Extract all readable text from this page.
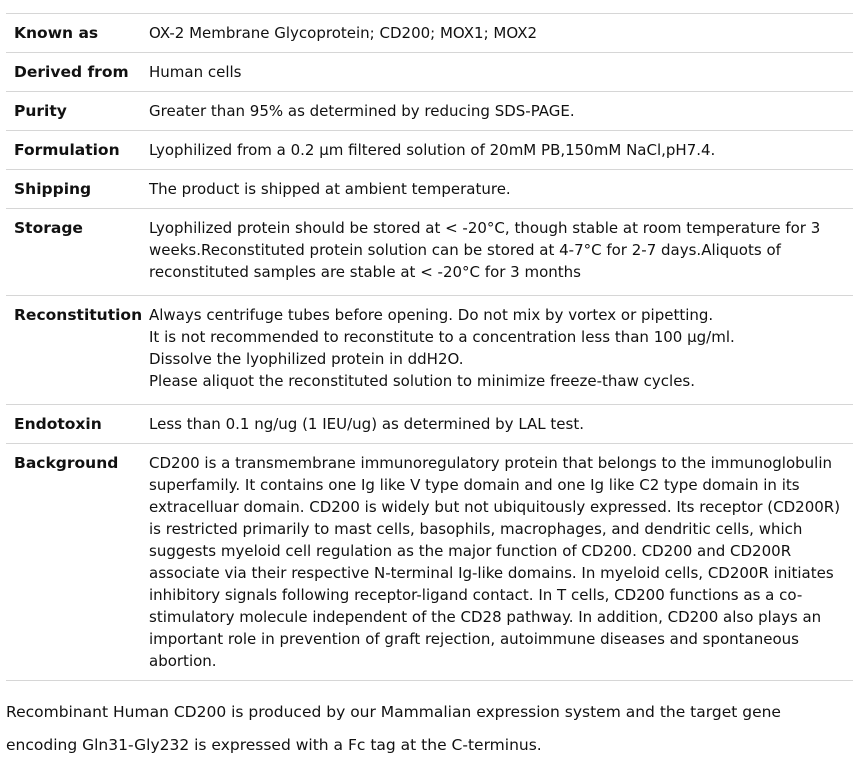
Known as	OX-2 Membrane Glycoprotein; CD200; MOX1; MOX2

Derived from	Human cells

Purity	Greater than 95% as determined by reducing SDS-PAGE.

Formulation	Lyophilized from a 0.2 μm filtered solution of 20mM PB,150mM NaCl,pH7.4.

Shipping	The product is shipped at ambient temperature.

Storage	Lyophilized protein should be stored at < -20°C, though stable at room temperature for 3 weeks.Reconstituted protein solution can be stored at 4-7°C for 2-7 days.Aliquots of reconstituted samples are stable at < -20°C for 3 months

Reconstitution	Always centrifuge tubes before opening. Do not mix by vortex or pipetting.
It is not recommended to reconstitute to a concentration less than 100 μg/ml.
Dissolve the lyophilized protein in ddH2O.
Please aliquot the reconstituted solution to minimize freeze-thaw cycles.

Endotoxin	Less than 0.1 ng/ug (1 IEU/ug) as determined by LAL test.

Background	CD200 is a transmembrane immunoregulatory protein that belongs to the immunoglobulin superfamily. It contains one Ig like V type domain and one Ig like C2 type domain in its extracelluar domain. CD200 is widely but not ubiquitously expressed. Its receptor (CD200R) is restricted primarily to mast cells, basophils, macrophages, and dendritic cells, which suggests myeloid cell regulation as the major function of CD200. CD200 and CD200R associate via their respective N-terminal Ig-like domains. In myeloid cells, CD200R initiates inhibitory signals following receptor-ligand contact. In T cells, CD200 functions as a co-stimulatory molecule independent of the CD28 pathway. In addition, CD200 also plays an important role in prevention of graft rejection, autoimmune diseases and spontaneous abortion.
Recombinant Human CD200 is produced by our Mammalian expression system and the target gene encoding Gln31-Gly232 is expressed with a Fc tag at the C-terminus.
